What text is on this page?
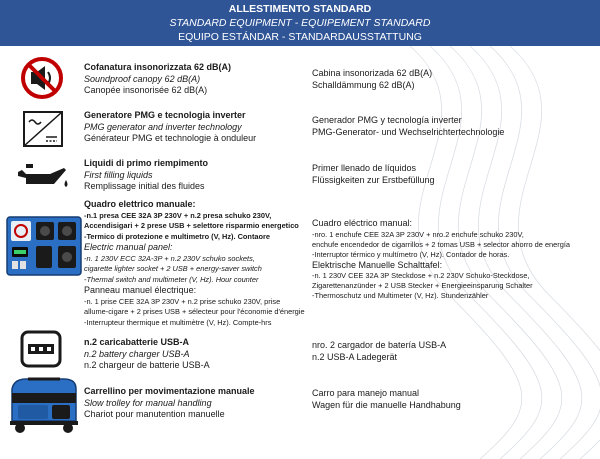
ALLESTIMENTO STANDARD
STANDARD EQUIPMENT - EQUIPEMENT STANDARD
EQUIPO ESTÁNDAR - STANDARDAUSSTATTUNG
Cofanatura insonorizzata 62 dB(A)
Soundproof canopy 62 dB(A)
Canopée insonorisée 62 dB(A)
Cabina insonorizada 62 dB(A)
Schalldämmung 62 dB(A)
Generatore PMG e tecnologia inverter
PMG generator and inverter technology
Générateur PMG et technologie à onduleur
Generador PMG y tecnología inverter
PMG-Generator- und Wechselrichtertechnologie
Liquidi di primo riempimento
First filling liquids
Remplissage initial des fluides
Primer llenado de líquidos
Flüssigkeiten zur Erstbefüllung
Quadro elettrico manuale:
-n.1 presa CEE 32A 3P 230V + n.2 presa schuko 230V,
Accendisigari + 2 prese USB + selettore risparmio energetico
-Termico di protezione e multimetro (V, Hz). Contaore
Electric manual panel:
-n. 1 230V ECC 32A-3P + n.2 230V schuko sockets,
cigarette lighter socket + 2 USB + energy-saver switch
-Thermal switch and multimeter (V, Hz). Hour counter
Panneau manuel électrique:
-n. 1 prise CEE 32A 3P 230V + n.2 prise schuko 230V, prise
allume-cigare + 2 prises USB + sélecteur pour l'économie d'énergie
-Interrupteur thermique et multimètre (V, Hz). Compte-hrs
Cuadro eléctrico manual:
-nro. 1 enchufe CEE 32A 3P 230V + nro.2 enchufe schuko 230V,
enchufe encendedor de cigarrillos + 2 tomas USB + selector ahorro de energía
-Interruptor térmico y multímetro (V, Hz). Contador de horas.
Elektrische Manuelle Schalttafel:
-n. 1 230V CEE 32A 3P Steckdose + n.2 230V Schuko-Steckdose,
Zigarettenanzünder + 2 USB Stecker + Energieeinsparung Schalter
-Thermoschutz und Multimeter (V, Hz). Stundenzähler
n.2 caricabatterie USB-A
n.2 battery charger USB-A
n.2 chargeur de batterie USB-A
nro. 2 cargador de batería USB-A
n.2 USB-A Ladegerät
Carrellino per movimentazione manuale
Slow trolley for manual handling
Chariot pour manutention manuelle
Carro para manejo manual
Wagen für die manuelle Handhabung
